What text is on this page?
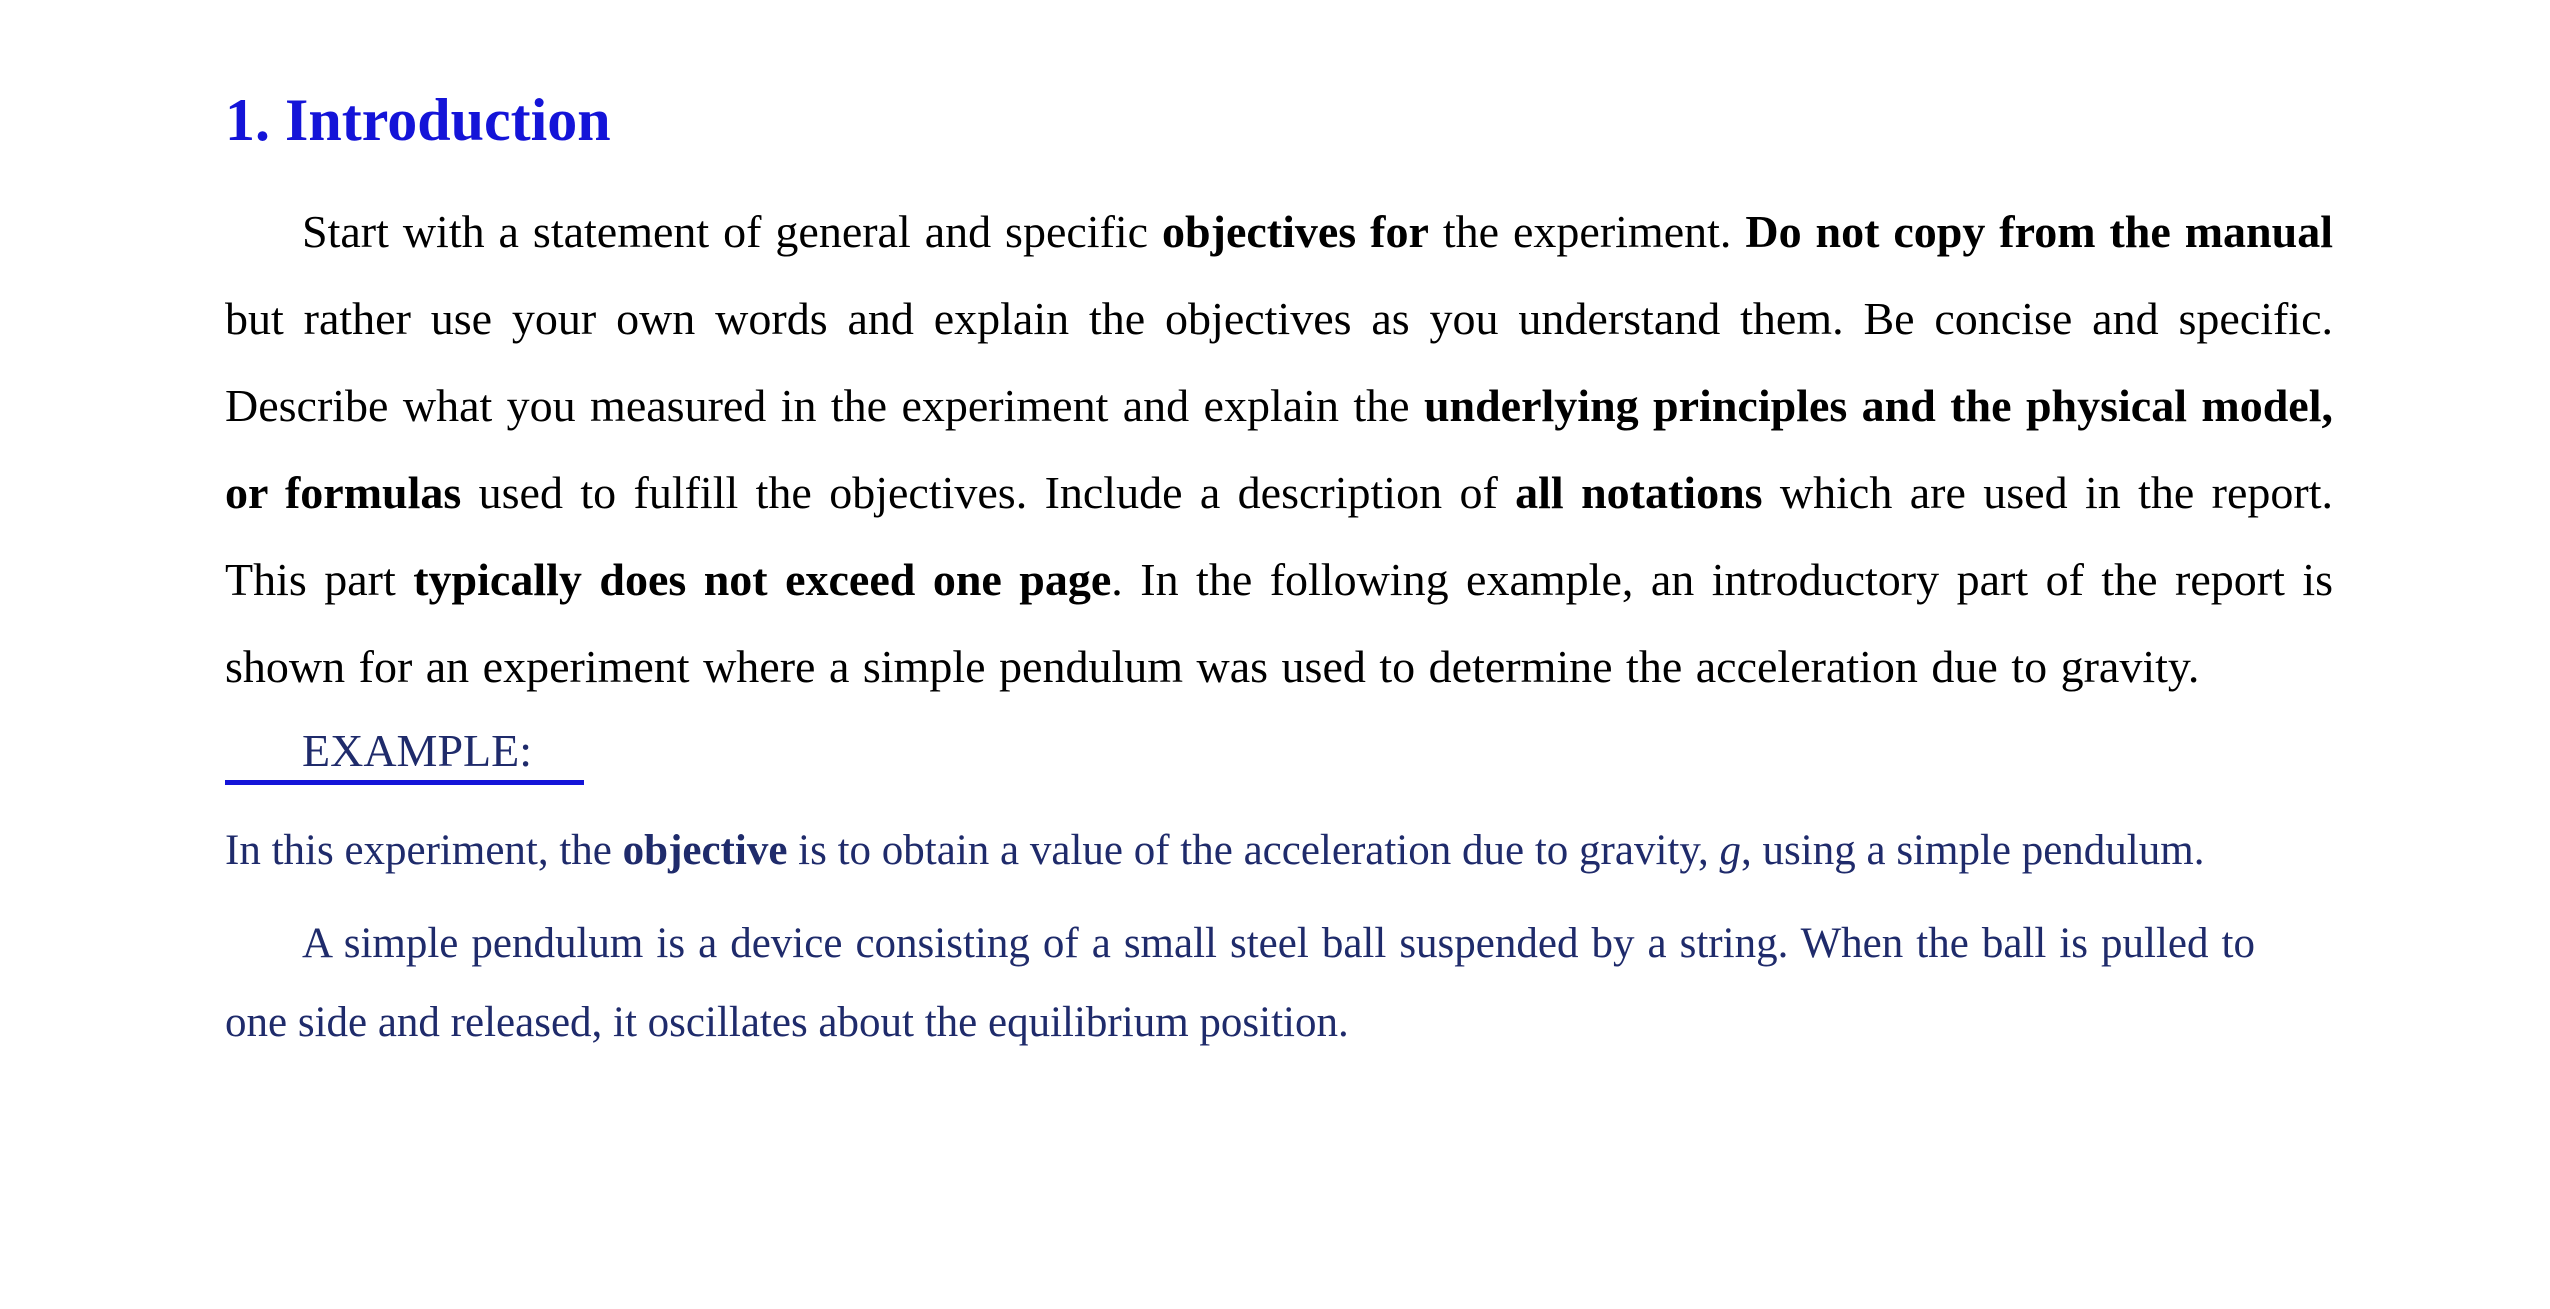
1. Introduction

Start with a statement of general and specific objectives for the experiment. Do not copy from the manual but rather use your own words and explain the objectives as you understand them. Be concise and specific. Describe what you measured in the experiment and explain the underlying principles and the physical model, or formulas used to fulfill the objectives. Include a description of all notations which are used in the report. This part typically does not exceed one page. In the following example, an introductory part of the report is shown for an experiment where a simple pendulum was used to determine the acceleration due to gravity.

EXAMPLE:

In this experiment, the objective is to obtain a value of the acceleration due to gravity, g, using a simple pendulum.

A simple pendulum is a device consisting of a small steel ball suspended by a string. When the ball is pulled to one side and released, it oscillates about the equilibrium position.
